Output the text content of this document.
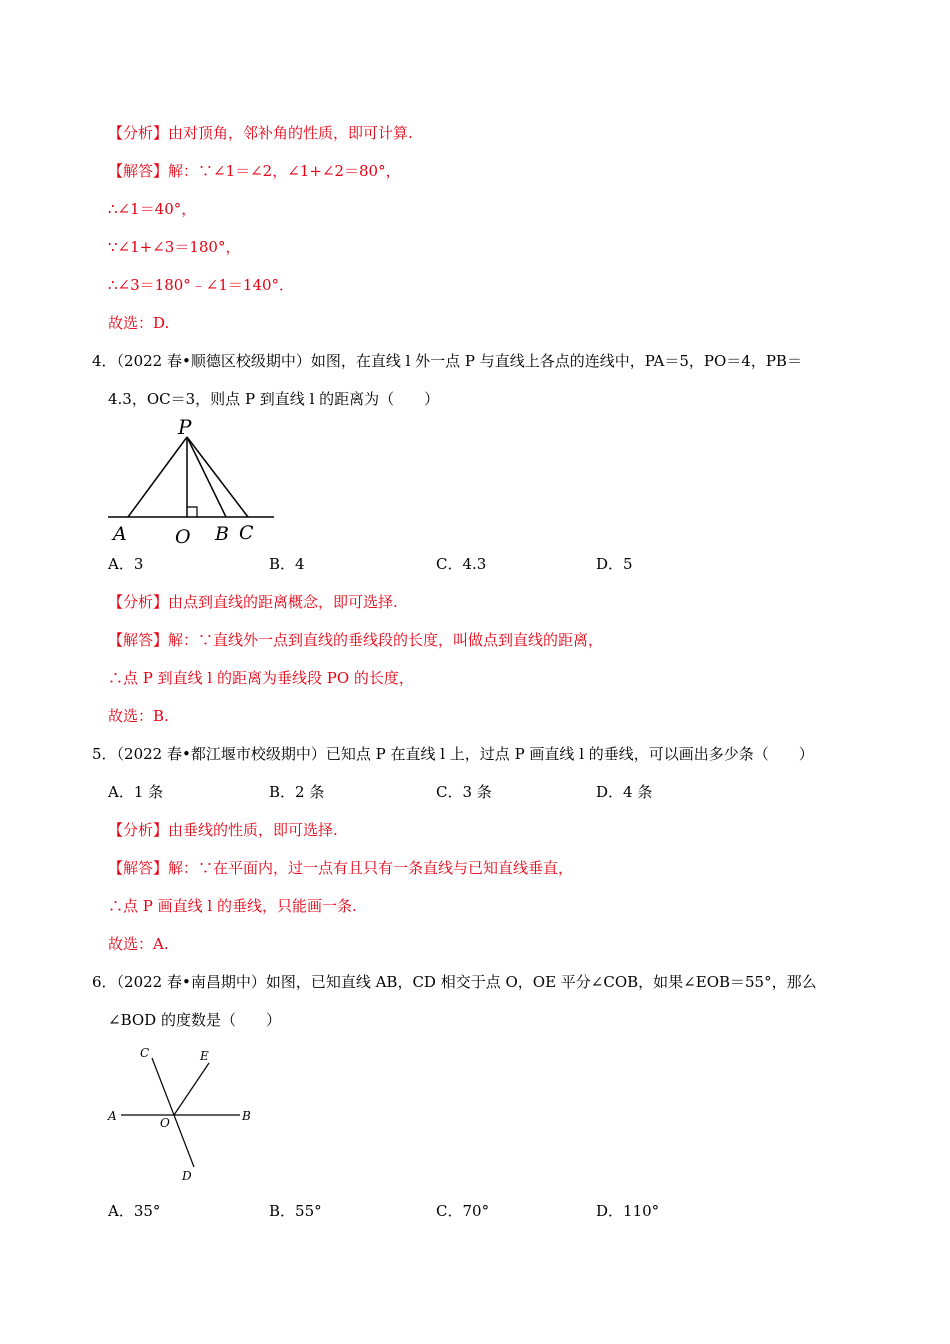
【分析】由对顶角，邻补角的性质，即可计算.
【解答】解：∵∠1＝∠2，∠1+∠2＝80°，
∴∠1＝40°，
∵∠1+∠3＝180°，
∴∠3＝180°﹣∠1＝140°．
故选：D.
4．（2022 春•顺德区校级期中）如图，在直线 l 外一点 P 与直线上各点的连线中，PA＝5，PO＝4，PB＝
4.3，OC＝3，则点 P 到直线 l 的距离为（　　）
P
A	O B C
A．3	B．4	C．4.3	D．5
【分析】由点到直线的距离概念，即可选择.
【解答】解：∵直线外一点到直线的垂线段的长度，叫做点到直线的距离，
∴点 P 到直线 l 的距离为垂线段 PO 的长度，
故选：B.
5．（2022 春•都江堰市校级期中）已知点 P 在直线 l 上，过点 P 画直线 l 的垂线，可以画出多少条（　　）
A．1 条	B．2 条	C．3 条	D．4 条
【分析】由垂线的性质，即可选择.
【解答】解：∵在平面内，过一点有且只有一条直线与已知直线垂直，
∴点 P 画直线 l 的垂线，只能画一条.
故选：A.
6．（2022 春•南昌期中）如图，已知直线 AB，CD 相交于点 O，OE 平分∠COB，如果∠EOB＝55°，那么
∠BOD 的度数是（　　）
C	E
A	O	B
D
A．35°	B．55°	C．70°	D．110°
